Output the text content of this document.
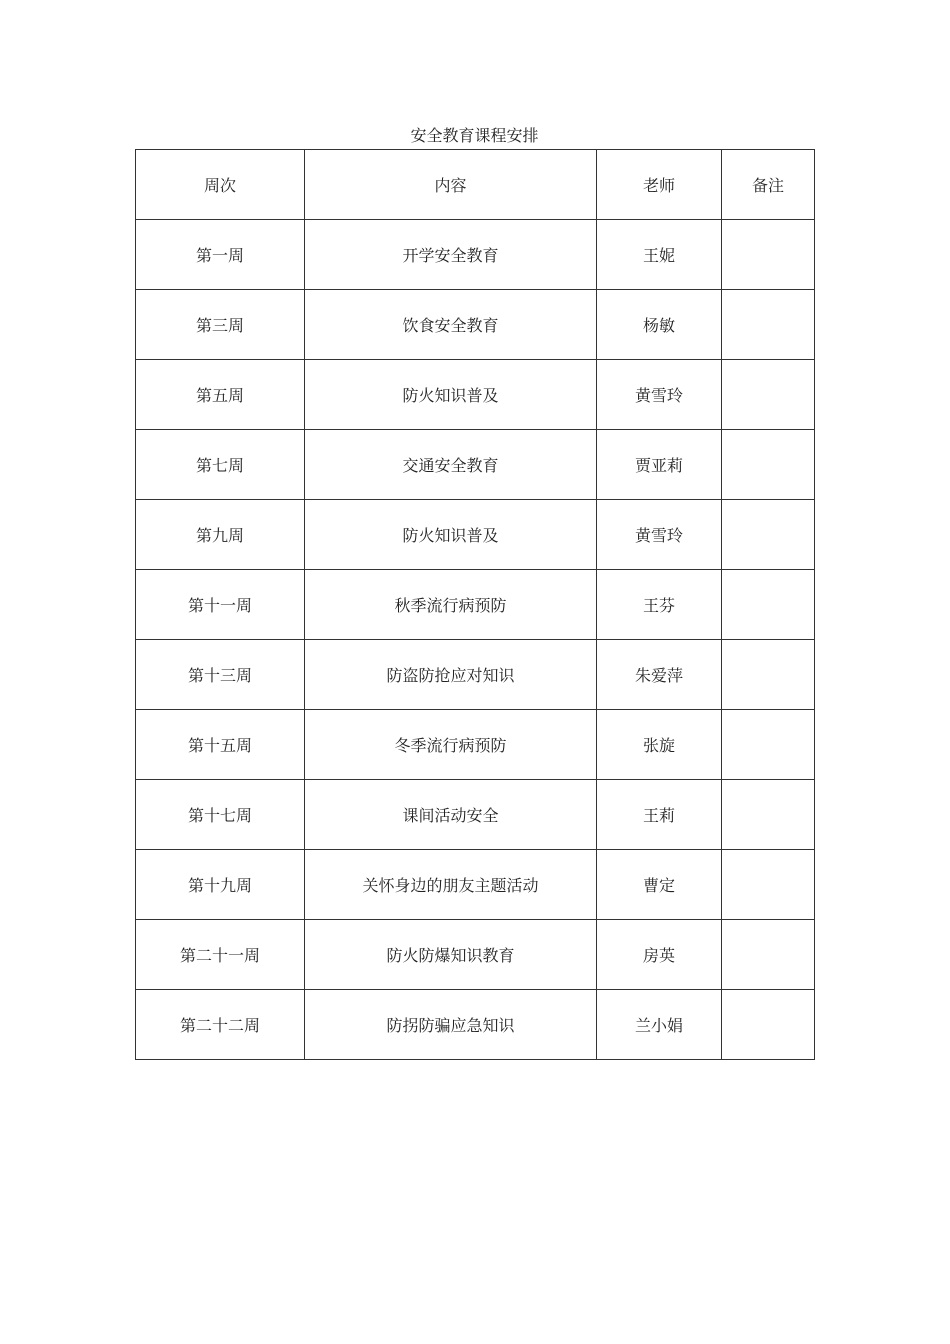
安全教育课程安排
周次	内容	老师	备注
第一周	开学安全教育	王妮	
第三周	饮食安全教育	杨敏	
第五周	防火知识普及	黄雪玲	
第七周	交通安全教育	贾亚莉	
第九周	防火知识普及	黄雪玲	
第十一周	秋季流行病预防	王芬	
第十三周	防盗防抢应对知识	朱爱萍	
第十五周	冬季流行病预防	张旋	
第十七周	课间活动安全	王莉	
第十九周	关怀身边的朋友主题活动	曹定	
第二十一周	防火防爆知识教育	房英	
第二十二周	防拐防骗应急知识	兰小娟	
